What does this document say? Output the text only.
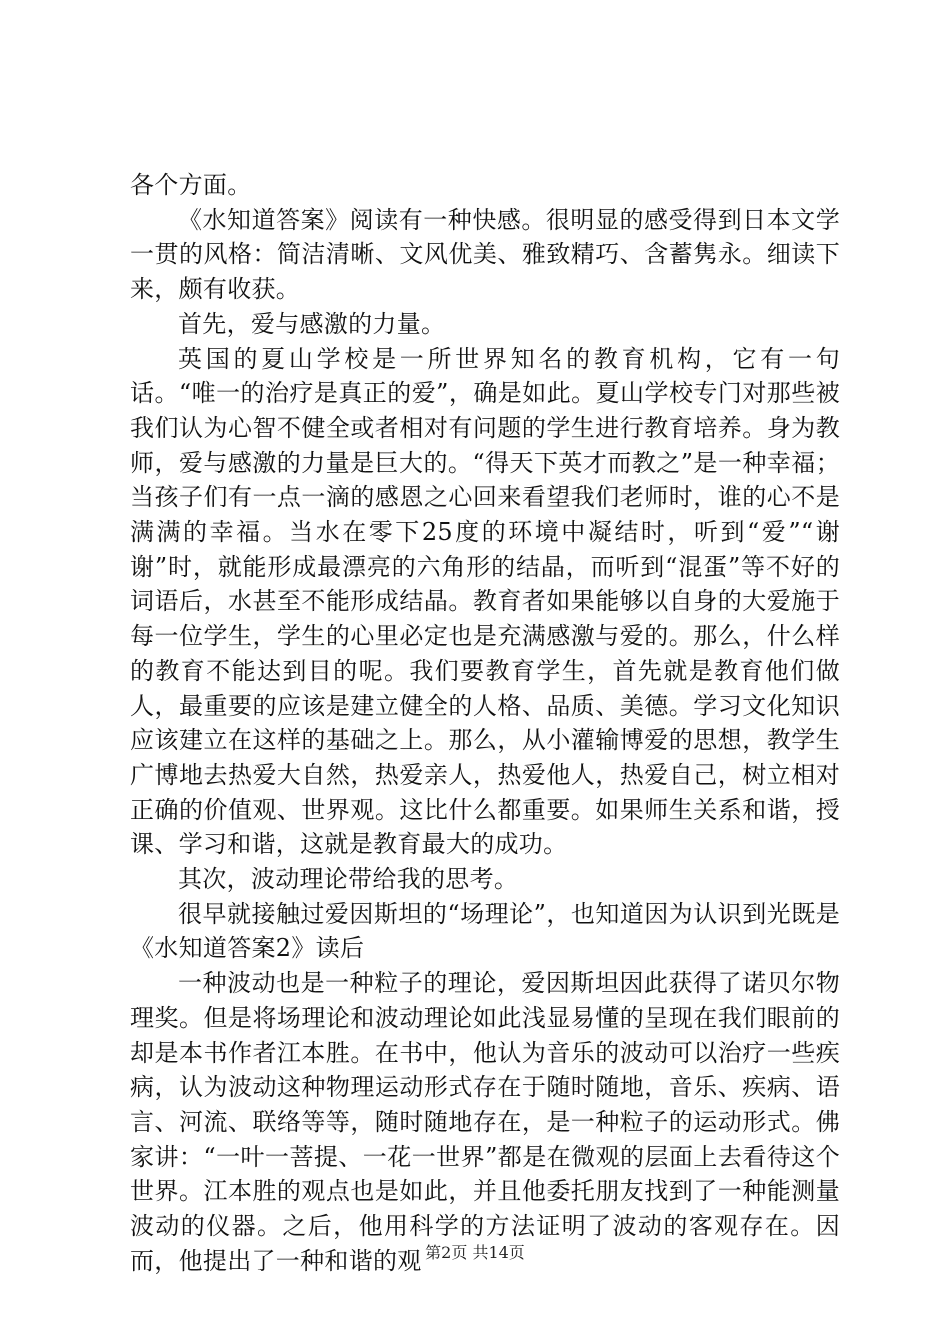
各个方面。

《水知道答案》阅读有一种快感。很明显的感受得到日本文学一贯的风格：简洁清晰、文风优美、雅致精巧、含蓄隽永。细读下来，颇有收获。

首先，爱与感激的力量。

英国的夏山学校是一所世界知名的教育机构，它有一句话。“唯一的治疗是真正的爱”，确是如此。夏山学校专门对那些被我们认为心智不健全或者相对有问题的学生进行教育培养。身为教师，爱与感激的力量是巨大的。“得天下英才而教之”是一种幸福；当孩子们有一点一滴的感恩之心回来看望我们老师时，谁的心不是满满的幸福。当水在零下25度的环境中凝结时，听到“爱”“谢谢”时，就能形成最漂亮的六角形的结晶，而听到“混蛋”等不好的词语后，水甚至不能形成结晶。教育者如果能够以自身的大爱施于每一位学生，学生的心里必定也是充满感激与爱的。那么，什么样的教育不能达到目的呢。我们要教育学生，首先就是教育他们做人，最重要的应该是建立健全的人格、品质、美德。学习文化知识应该建立在这样的基础之上。那么，从小灌输博爱的思想，教学生广博地去热爱大自然，热爱亲人，热爱他人，热爱自己，树立相对正确的价值观、世界观。这比什么都重要。如果师生关系和谐，授课、学习和谐，这就是教育最大的成功。

其次，波动理论带给我的思考。

很早就接触过爱因斯坦的“场理论”，也知道因为认识到光既是《水知道答案2》读后

一种波动也是一种粒子的理论，爱因斯坦因此获得了诺贝尔物理奖。但是将场理论和波动理论如此浅显易懂的呈现在我们眼前的却是本书作者江本胜。在书中，他认为音乐的波动可以治疗一些疾病，认为波动这种物理运动形式存在于随时随地，音乐、疾病、语言、河流、联络等等，随时随地存在，是一种粒子的运动形式。佛家讲：“一叶一菩提、一花一世界”都是在微观的层面上去看待这个世界。江本胜的观点也是如此，并且他委托朋友找到了一种能测量波动的仪器。之后，他用科学的方法证明了波动的客观存在。因而，他提出了一种和谐的观 第2页 共14页
